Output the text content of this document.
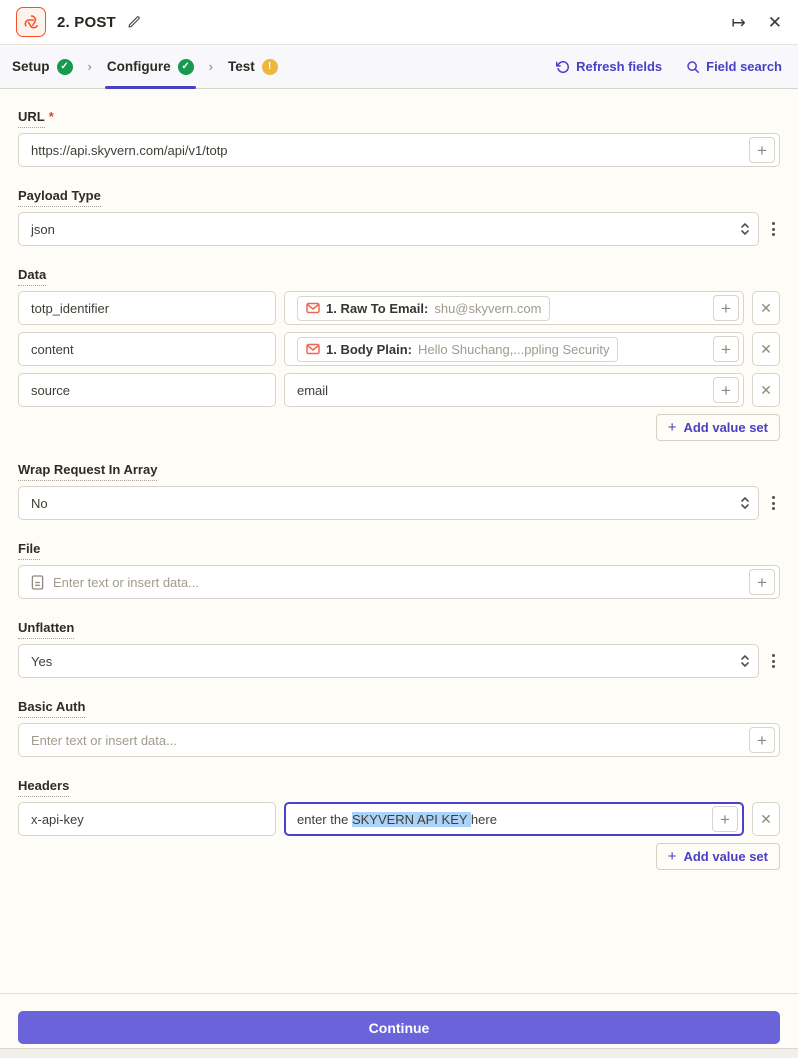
2. POST	↦ ✕
Setup	✓ › Configure	✓ › Test	!	Refresh fields	Field search
URL *
https://api.skyvern.com/api/v1/totp	+
Payload Type
json
Data
totp_identifier	1. Raw To Email: shu@skyvern.com	+	✕
content	1. Body Plain: Hello Shuchang,...ppling Security	+	✕
source	email	+	✕
+ Add value set
Wrap Request In Array
No
File
Enter text or insert data...	+
Unflatten
Yes
Basic Auth
Enter text or insert data...	+
Headers
x-api-key	enter the SKYVERN API KEY here	+	✕
+ Add value set
Continue
